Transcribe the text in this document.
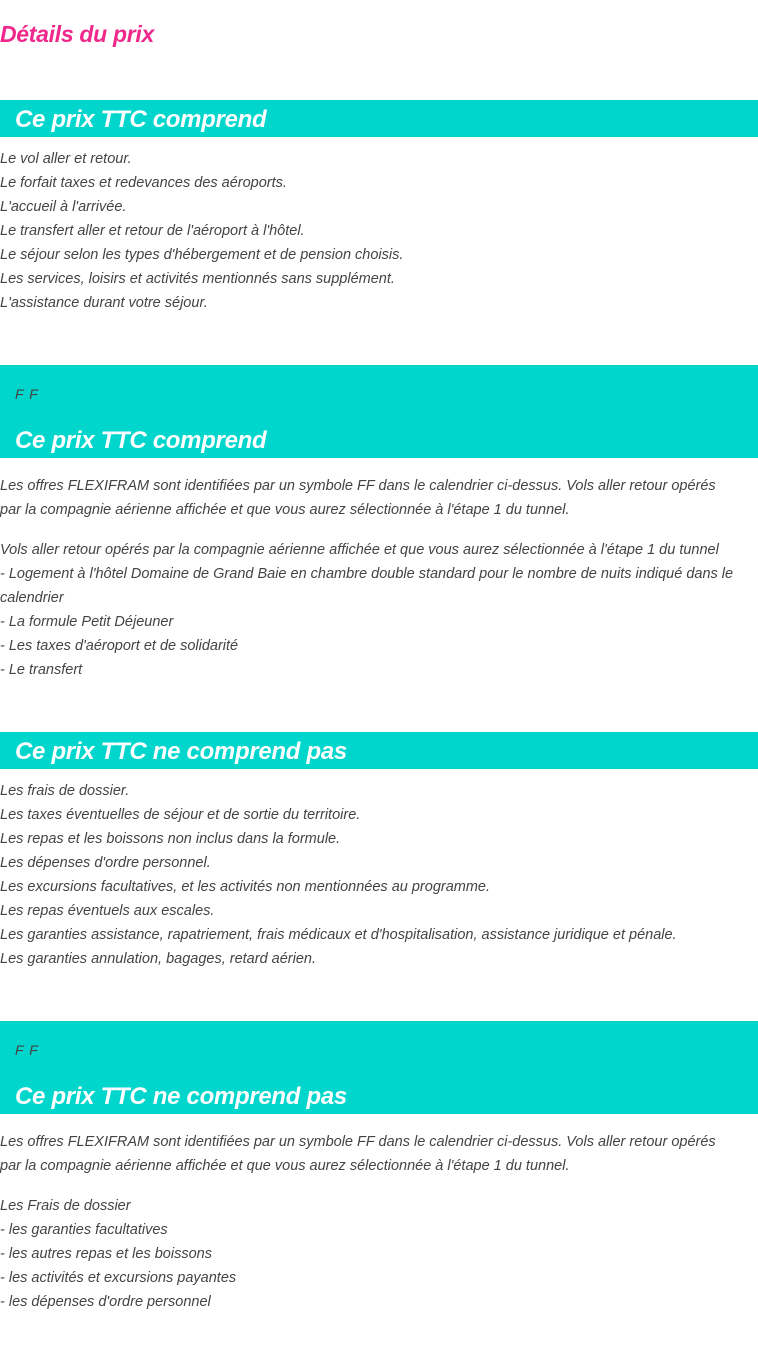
Détails du prix
Ce prix TTC comprend
Le vol aller et retour.
Le forfait taxes et redevances des aéroports.
L'accueil à l'arrivée.
Le transfert aller et retour de l'aéroport à l'hôtel.
Le séjour selon les types d'hébergement et de pension choisis.
Les services, loisirs et activités mentionnés sans supplément.
L'assistance durant votre séjour.
F F
Ce prix TTC comprend
Les offres FLEXIFRAM sont identifiées par un symbole FF dans le calendrier ci-dessus. Vols aller retour opérés par la compagnie aérienne affichée et que vous aurez sélectionnée à l'étape 1 du tunnel.
Vols aller retour opérés par la compagnie aérienne affichée et que vous aurez sélectionnée à l'étape 1 du tunnel
- Logement à l'hôtel Domaine de Grand Baie en chambre double standard pour le nombre de nuits indiqué dans le calendrier
- La formule Petit Déjeuner
- Les taxes d'aéroport et de solidarité
- Le transfert
Ce prix TTC ne comprend pas
Les frais de dossier.
Les taxes éventuelles de séjour et de sortie du territoire.
Les repas et les boissons non inclus dans la formule.
Les dépenses d'ordre personnel.
Les excursions facultatives, et les activités non mentionnées au programme.
Les repas éventuels aux escales.
Les garanties assistance, rapatriement, frais médicaux et d'hospitalisation, assistance juridique et pénale.
Les garanties annulation, bagages, retard aérien.
F F
Ce prix TTC ne comprend pas
Les offres FLEXIFRAM sont identifiées par un symbole FF dans le calendrier ci-dessus. Vols aller retour opérés par la compagnie aérienne affichée et que vous aurez sélectionnée à l'étape 1 du tunnel.
Les Frais de dossier
- les garanties facultatives
- les autres repas et les boissons
- les activités et excursions payantes
- les dépenses d'ordre personnel
